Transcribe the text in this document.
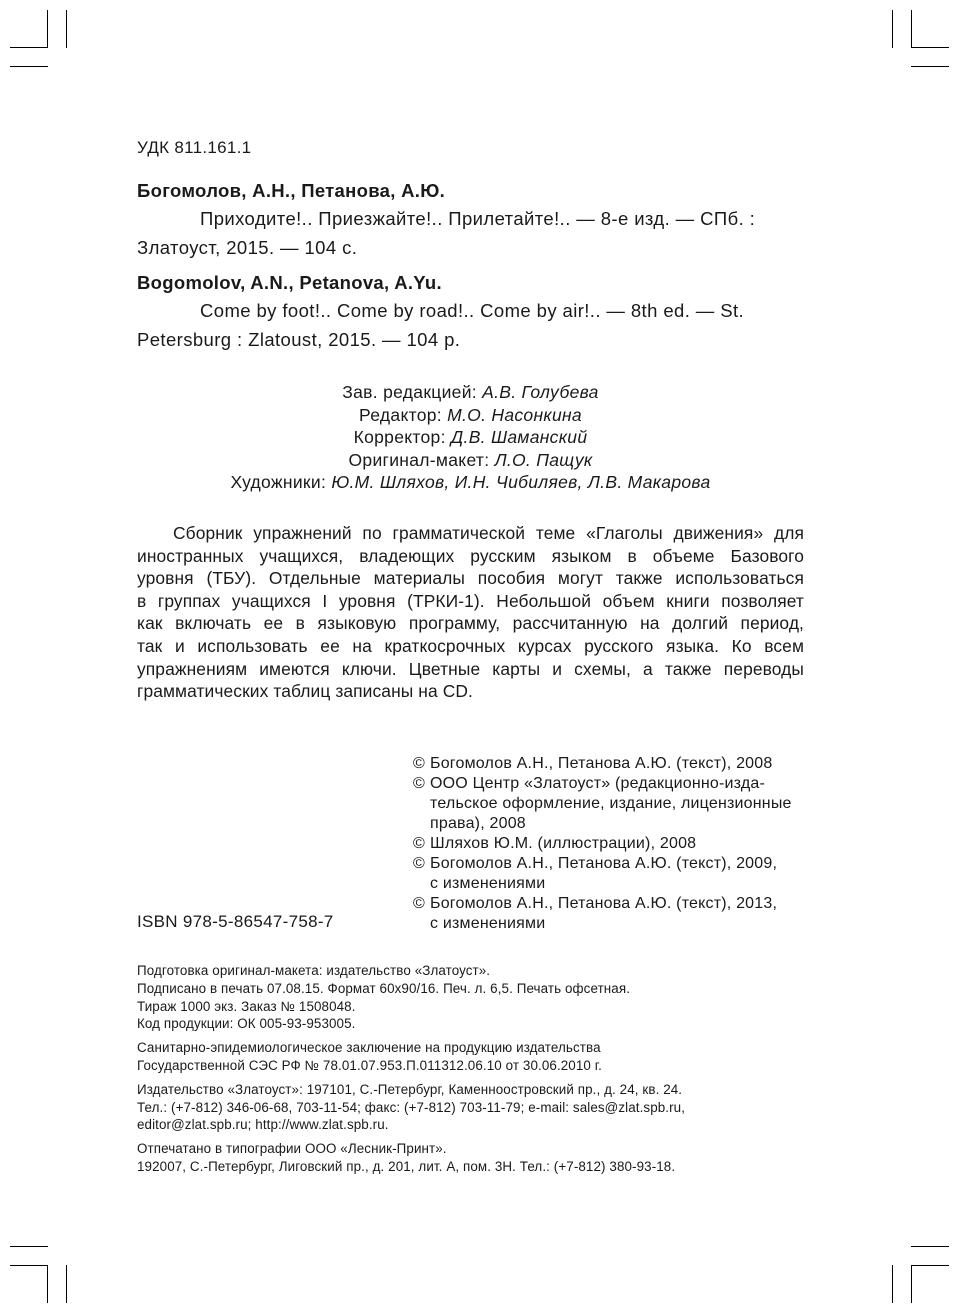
УДК 811.161.1
Богомолов, А.Н., Петанова, А.Ю.
Приходите!.. Приезжайте!.. Прилетайте!.. — 8-е изд. — СПб. :
Златоуст, 2015. — 104 с.
Bogomolov, A.N., Petanova, A.Yu.
Come by foot!.. Come by road!.. Come by air!.. — 8th ed. — St.
Petersburg : Zlatoust, 2015. — 104 p.
Зав. редакцией: А.В. Голубева
Редактор: М.О. Насонкина
Корректор: Д.В. Шаманский
Оригинал-макет: Л.О. Пащук
Художники: Ю.М. Шляхов, И.Н. Чибиляев, Л.В. Макарова
Сборник упражнений по грамматической теме «Глаголы движения» для
иностранных учащихся, владеющих русским языком в объеме Базового
уровня (ТБУ). Отдельные материалы пособия могут также использоваться
в группах учащихся I уровня (ТРКИ-1). Небольшой объем книги позволяет
как включать ее в языковую программу, рассчитанную на долгий период,
так и использовать ее на краткосрочных курсах русского языка. Ко всем
упражнениям имеются ключи. Цветные карты и схемы, а также переводы
грамматических таблиц записаны на CD.
© Богомолов А.Н., Петанова А.Ю. (текст), 2008
© ООО Центр «Златоуст» (редакционно-изда-
тельское оформление, издание, лицензионные
права), 2008
© Шляхов Ю.М. (иллюстрации), 2008
© Богомолов А.Н., Петанова А.Ю. (текст), 2009,
с изменениями
© Богомолов А.Н., Петанова А.Ю. (текст), 2013,
с изменениями
ISBN 978-5-86547-758-7
Подготовка оригинал-макета: издательство «Златоуст».
Подписано в печать 07.08.15. Формат 60x90/16. Печ. л. 6,5. Печать офсетная.
Тираж 1000 экз. Заказ № 1508048.
Код продукции: ОК 005-93-953005.
Санитарно-эпидемиологическое заключение на продукцию издательства
Государственной СЭС РФ № 78.01.07.953.П.011312.06.10 от 30.06.2010 г.
Издательство «Златоуст»: 197101, С.-Петербург, Каменноостровский пр., д. 24, кв. 24.
Тел.: (+7-812) 346-06-68, 703-11-54; факс: (+7-812) 703-11-79; e-mail: sales@zlat.spb.ru,
editor@zlat.spb.ru; http://www.zlat.spb.ru.
Отпечатано в типографии ООО «Лесник-Принт».
192007, С.-Петербург, Лиговский пр., д. 201, лит. А, пом. 3Н. Тел.: (+7-812) 380-93-18.
